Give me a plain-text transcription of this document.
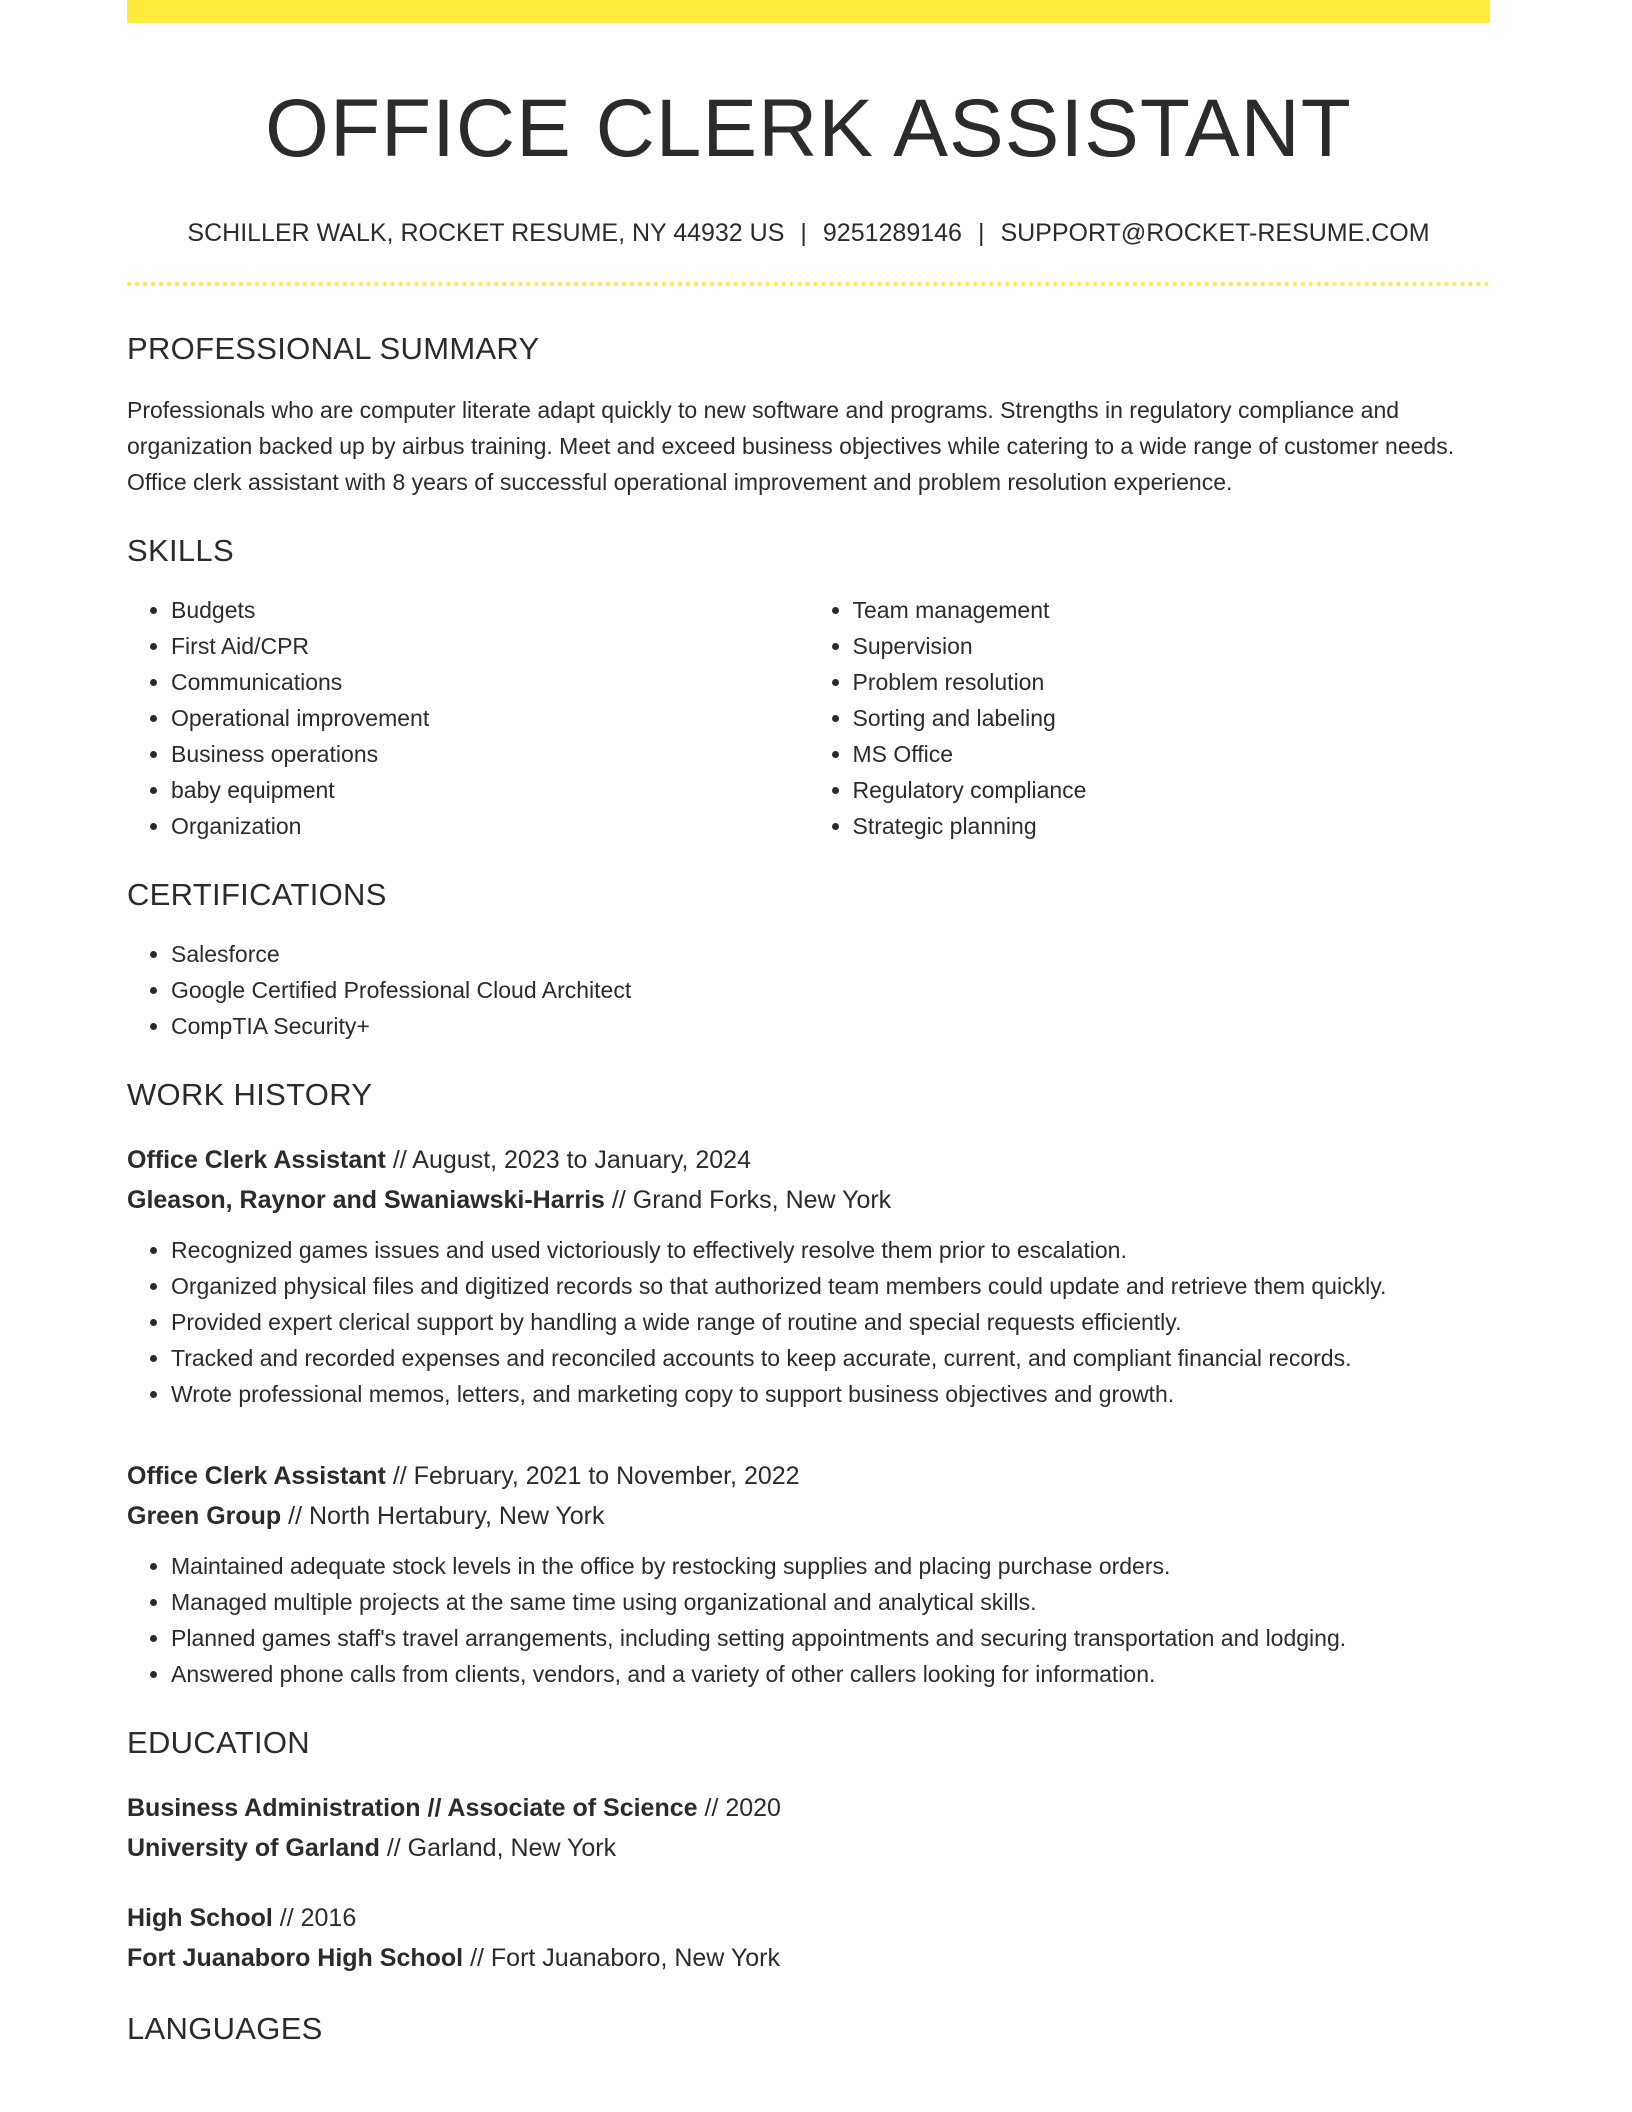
OFFICE CLERK ASSISTANT
SCHILLER WALK, ROCKET RESUME, NY 44932 US | 9251289146 | SUPPORT@ROCKET-RESUME.COM
PROFESSIONAL SUMMARY

Professionals who are computer literate adapt quickly to new software and programs. Strengths in regulatory compliance and organization backed up by airbus training. Meet and exceed business objectives while catering to a wide range of customer needs. Office clerk assistant with 8 years of successful operational improvement and problem resolution experience.

SKILLS
• Budgets
• First Aid/CPR
• Communications
• Operational improvement
• Business operations
• baby equipment
• Organization
• Team management
• Supervision
• Problem resolution
• Sorting and labeling
• MS Office
• Regulatory compliance
• Strategic planning
CERTIFICATIONS
• Salesforce
• Google Certified Professional Cloud Architect
• CompTIA Security+
WORK HISTORY
Office Clerk Assistant // August, 2023 to January, 2024
Gleason, Raynor and Swaniawski-Harris // Grand Forks, New York
• Recognized games issues and used victoriously to effectively resolve them prior to escalation.
• Organized physical files and digitized records so that authorized team members could update and retrieve them quickly.
• Provided expert clerical support by handling a wide range of routine and special requests efficiently.
• Tracked and recorded expenses and reconciled accounts to keep accurate, current, and compliant financial records.
• Wrote professional memos, letters, and marketing copy to support business objectives and growth.
Office Clerk Assistant // February, 2021 to November, 2022
Green Group // North Hertabury, New York
• Maintained adequate stock levels in the office by restocking supplies and placing purchase orders.
• Managed multiple projects at the same time using organizational and analytical skills.
• Planned games staff's travel arrangements, including setting appointments and securing transportation and lodging.
• Answered phone calls from clients, vendors, and a variety of other callers looking for information.
EDUCATION
Business Administration // Associate of Science // 2020
University of Garland // Garland, New York
High School // 2016
Fort Juanaboro High School // Fort Juanaboro, New York
LANGUAGES
